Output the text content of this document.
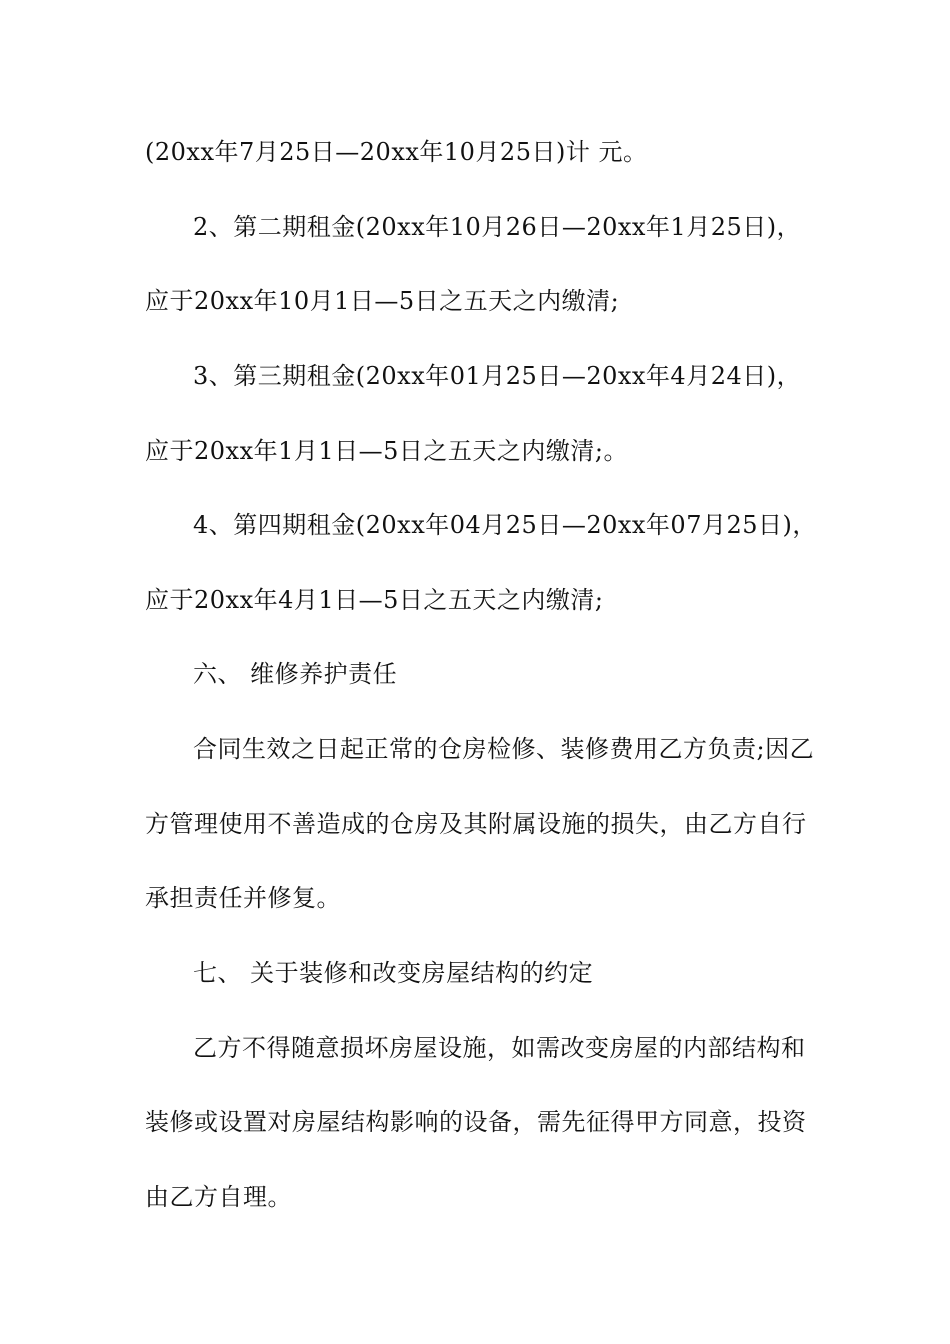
(20xx年7月25日—20xx年10月25日)计 元。
2、第二期租金(20xx年10月26日—20xx年1月25日)，
应于20xx年10月1日—5日之五天之内缴清;
3、第三期租金(20xx年01月25日—20xx年4月24日)，
应于20xx年1月1日—5日之五天之内缴清;。
4、第四期租金(20xx年04月25日—20xx年07月25日)，
应于20xx年4月1日—5日之五天之内缴清;
六、 维修养护责任
合同生效之日起正常的仓房检修、装修费用乙方负责;因乙
方管理使用不善造成的仓房及其附属设施的损失，由乙方自行
承担责任并修复。
七、 关于装修和改变房屋结构的约定
乙方不得随意损坏房屋设施，如需改变房屋的内部结构和
装修或设置对房屋结构影响的设备，需先征得甲方同意，投资
由乙方自理。
